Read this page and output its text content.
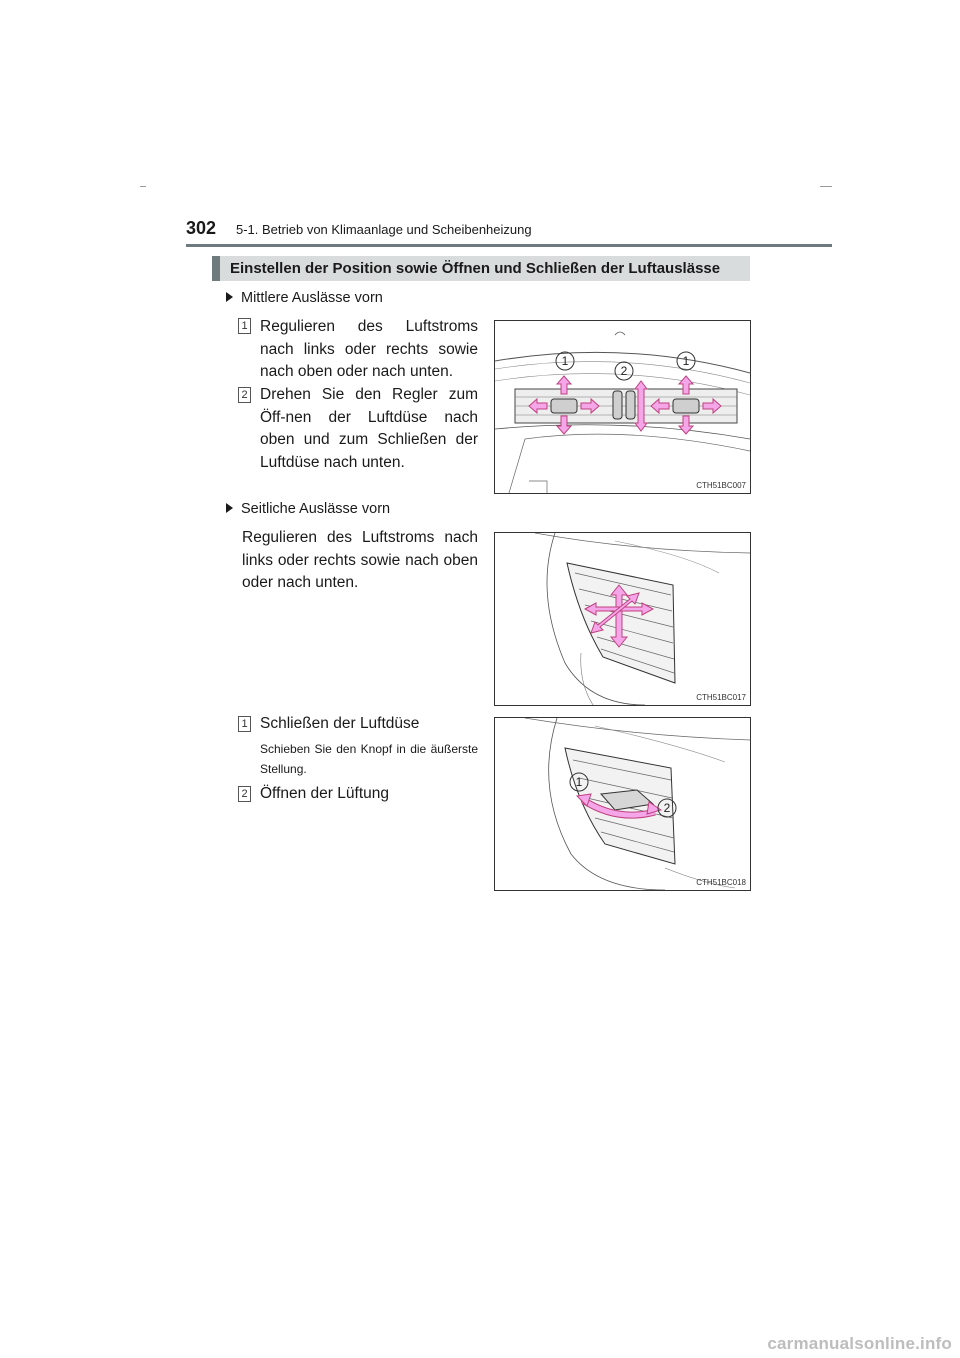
302 5-1. Betrieb von Klimaanlage und Scheibenheizung
Einstellen der Position sowie Öffnen und Schließen der Luftauslässe
Mittlere Auslässe vorn
1 Regulieren des Luftstroms nach links oder rechts sowie nach oben oder nach unten.
2 Drehen Sie den Regler zum Öff-nen der Luftdüse nach oben und zum Schließen der Luftdüse nach unten.
1
2
1
CTH51BC007
Seitliche Auslässe vorn
Regulieren des Luftstroms nach links oder rechts sowie nach oben oder nach unten.
CTH51BC017
1 Schließen der Luftdüse
Schieben Sie den Knopf in die äußerste Stellung.
2 Öffnen der Lüftung
1
2
CTH51BC018
carmanualsonline.info
